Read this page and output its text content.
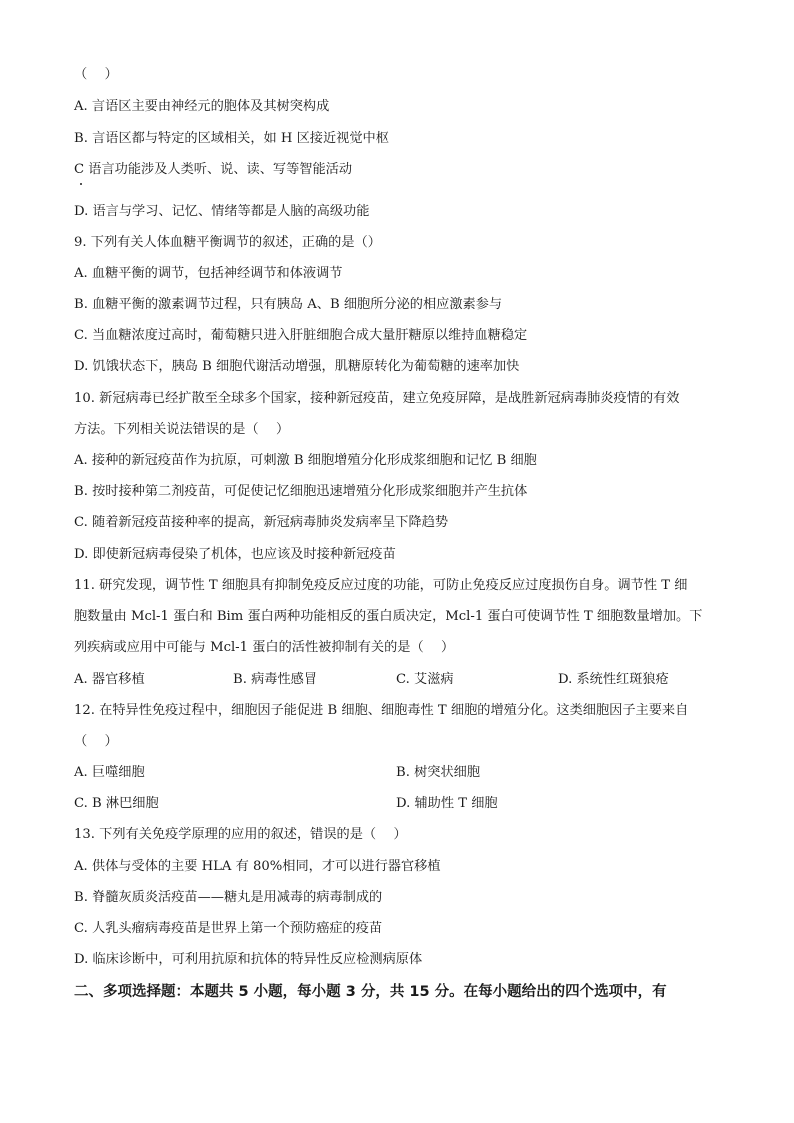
（　 ）
A. 言语区主要由神经元的胞体及其树突构成
B. 言语区都与特定的区域相关，如 H 区接近视觉中枢
C 语言功能涉及人类听、说、读、写等智能活动
D. 语言与学习、记忆、情绪等都是人脑的高级功能
9. 下列有关人体血糖平衡调节的叙述，正确的是（）
A. 血糖平衡的调节，包括神经调节和体液调节
B. 血糖平衡的激素调节过程，只有胰岛 A、B 细胞所分泌的相应激素参与
C. 当血糖浓度过高时，葡萄糖只进入肝脏细胞合成大量肝糖原以维持血糖稳定
D. 饥饿状态下，胰岛 B 细胞代谢活动增强，肌糖原转化为葡萄糖的速率加快
10. 新冠病毒已经扩散至全球多个国家，接种新冠疫苗，建立免疫屏障，是战胜新冠病毒肺炎疫情的有效
方法。下列相关说法错误的是（　 ）
A. 接种的新冠疫苗作为抗原，可刺激 B 细胞增殖分化形成浆细胞和记忆 B 细胞
B. 按时接种第二剂疫苗，可促使记忆细胞迅速增殖分化形成浆细胞并产生抗体
C. 随着新冠疫苗接种率的提高，新冠病毒肺炎发病率呈下降趋势
D. 即使新冠病毒侵染了机体，也应该及时接种新冠疫苗
11. 研究发现，调节性 T 细胞具有抑制免疫反应过度的功能，可防止免疫反应过度损伤自身。调节性 T 细
胞数量由 Mcl-1 蛋白和 Bim 蛋白两种功能相反的蛋白质决定，Mcl-1 蛋白可使调节性 T 细胞数量增加。下
列疾病或应用中可能与 Mcl-1 蛋白的活性被抑制有关的是（　 ）
A. 器官移植	B. 病毒性感冒	C. 艾滋病	D. 系统性红斑狼疮
12. 在特异性免疫过程中，细胞因子能促进 B 细胞、细胞毒性 T 细胞的增殖分化。这类细胞因子主要来自
（　 ）
A. 巨噬细胞	B. 树突状细胞
C. B 淋巴细胞	D. 辅助性 T 细胞
13. 下列有关免疫学原理的应用的叙述，错误的是（　 ）
A. 供体与受体的主要 HLA 有 80%相同，才可以进行器官移植
B. 脊髓灰质炎活疫苗——糖丸是用减毒的病毒制成的
C. 人乳头瘤病毒疫苗是世界上第一个预防癌症的疫苗
D. 临床诊断中，可利用抗原和抗体的特异性反应检测病原体
二、多项选择题：本题共 5 小题，每小题 3 分，共 15 分。在每小题给出的四个选项中，有
